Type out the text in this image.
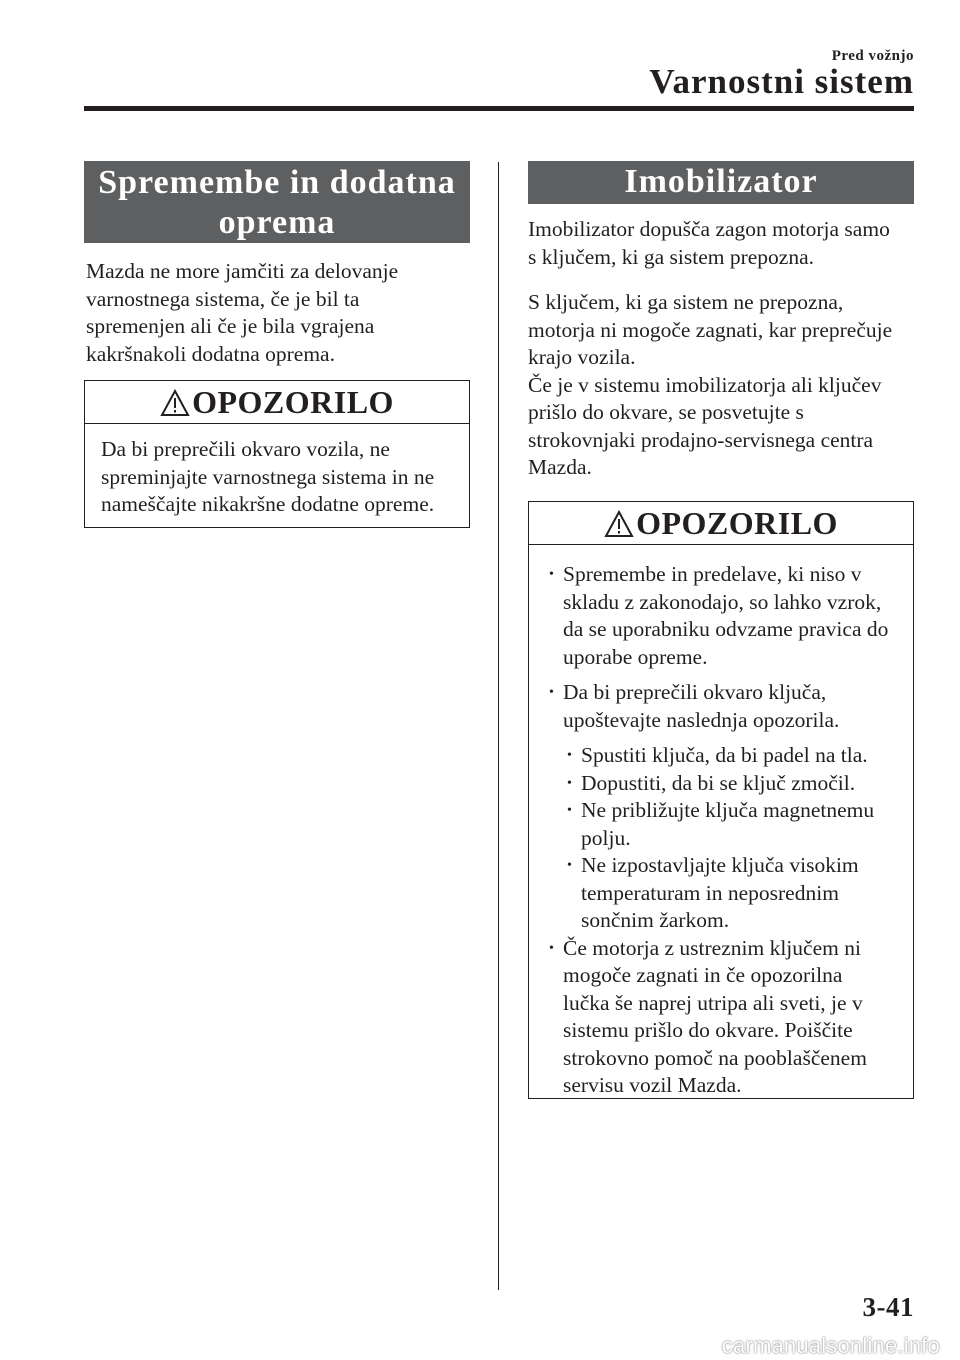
Pred vožnjo
Varnostni sistem
Spremembe in dodatna
oprema
Mazda ne more jamčiti za delovanje
varnostnega sistema, če je bil ta
spremenjen ali če je bila vgrajena
kakršnakoli dodatna oprema.
OPOZORILO
Da bi preprečili okvaro vozila, ne
spreminjajte varnostnega sistema in ne
nameščajte nikakršne dodatne opreme.
Imobilizator
Imobilizator dopušča zagon motorja samo
s ključem, ki ga sistem prepozna.
S ključem, ki ga sistem ne prepozna,
motorja ni mogoče zagnati, kar preprečuje
krajo vozila.
Če je v sistemu imobilizatorja ali ključev
prišlo do okvare, se posvetujte s
strokovnjaki prodajno-servisnega centra
Mazda.
OPOZORILO
• Spremembe in predelave, ki niso v
skladu z zakonodajo, so lahko vzrok,
da se uporabniku odvzame pravica do
uporabe opreme.
• Da bi preprečili okvaro ključa,
upoštevajte naslednja opozorila.
• Spustiti ključa, da bi padel na tla.
• Dopustiti, da bi se ključ zmočil.
• Ne približujte ključa magnetnemu
polju.
• Ne izpostavljajte ključa visokim
temperaturam in neposrednim
sončnim žarkom.
• Če motorja z ustreznim ključem ni
mogoče zagnati in če opozorilna
lučka še naprej utripa ali sveti, je v
sistemu prišlo do okvare. Poiščite
strokovno pomoč na pooblaščenem
servisu vozil Mazda.
3-41
carmanualsonline.info
